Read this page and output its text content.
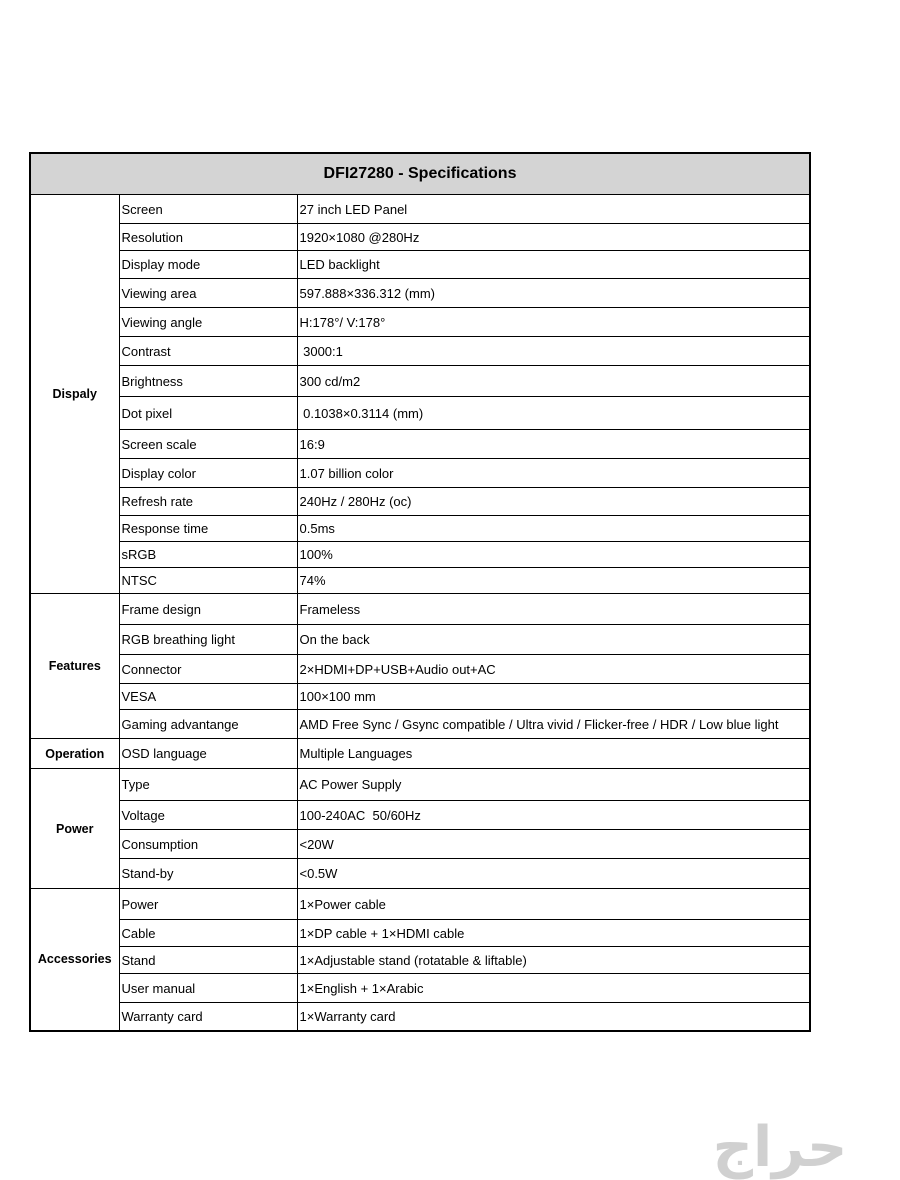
DFI27280 - Specifications		
Dispaly	Screen	27 inch LED Panel
	Resolution	1920×1080 @280Hz
	Display mode	LED backlight
	Viewing area	597.888×336.312 (mm)
	Viewing angle	H:178°/ V:178°
	Contrast	3000:1
	Brightness	300 cd/m2
	Dot pixel	0.1038×0.3114 (mm)
	Screen scale	16:9
	Display color	1.07 billion color
	Refresh rate	240Hz / 280Hz (oc)
	Response time	0.5ms
	sRGB	100%
	NTSC	74%
Features	Frame design	Frameless
	RGB breathing light	On the back
	Connector	2×HDMI+DP+USB+Audio out+AC
	VESA	100×100 mm
	Gaming advantange	AMD Free Sync / Gsync compatible / Ultra vivid / Flicker-free / HDR / Low blue light
Operation	OSD language	Multiple Languages
Power	Type	AC Power Supply
	Voltage	100-240AC  50/60Hz
	Consumption	<20W
	Stand-by	<0.5W
Accessories	Power	1×Power cable
	Cable	1×DP cable + 1×HDMI cable
	Stand	1×Adjustable stand (rotatable & liftable)
	User manual	1×English + 1×Arabic
	Warranty card	1×Warranty card
حراج
